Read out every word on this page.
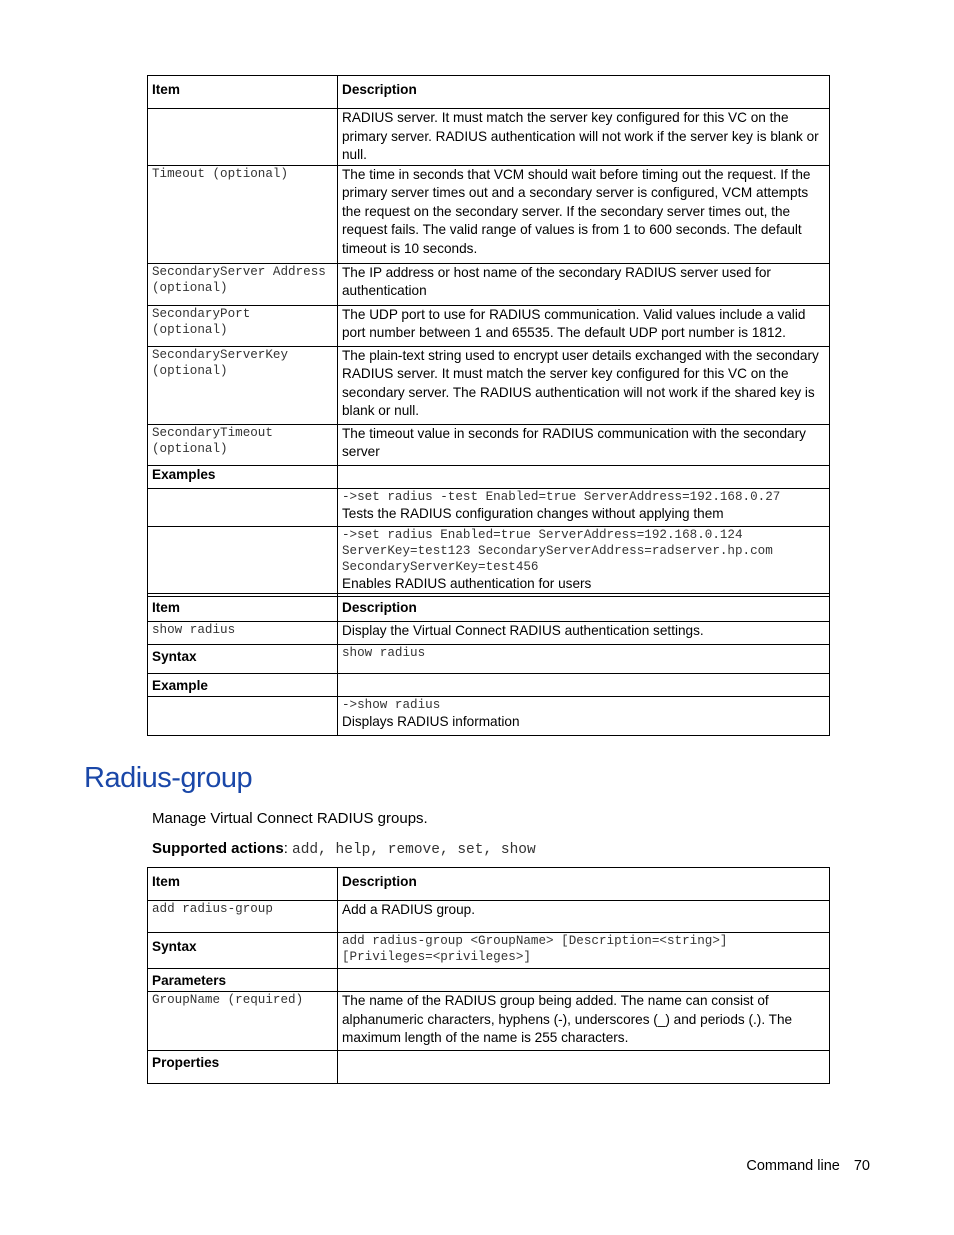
Item	Description
	RADIUS server. It must match the server key configured for this VC on the primary server. RADIUS authentication will not work if the server key is blank or null.
Timeout (optional)	The time in seconds that VCM should wait before timing out the request. If the primary server times out and a secondary server is configured, VCM attempts the request on the secondary server. If the secondary server times out, the request fails. The valid range of values is from 1 to 600 seconds. The default timeout is 10 seconds.
SecondaryServer Address (optional)	The IP address or host name of the secondary RADIUS server used for authentication
SecondaryPort (optional)	The UDP port to use for RADIUS communication. Valid values include a valid port number between 1 and 65535. The default UDP port number is 1812.
SecondaryServerKey (optional)	The plain-text string used to encrypt user details exchanged with the secondary RADIUS server. It must match the server key configured for this VC on the secondary server. The RADIUS authentication will not work if the shared key is blank or null.
SecondaryTimeout (optional)	The timeout value in seconds for RADIUS communication with the secondary server
Examples	

	->set radius -test Enabled=true ServerAddress=192.168.0.27
Tests the RADIUS configuration changes without applying them

	->set radius Enabled=true ServerAddress=192.168.0.124 ServerKey=test123 SecondaryServerAddress=radserver.hp.com SecondaryServerKey=test456
Enables RADIUS authentication for users
Item	Description
show radius	Display the Virtual Connect RADIUS authentication settings.
Syntax	show radius
Example	

	->show radius
Displays RADIUS information
Radius-group

Manage Virtual Connect RADIUS groups.

Supported actions: add, help, remove, set, show

Item	Description
add radius-group	Add a RADIUS group.
Syntax	add radius-group <GroupName> [Description=<string>] [Privileges=<privileges>]
Parameters	
GroupName (required)	The name of the RADIUS group being added. The name can consist of alphanumeric characters, hyphens (-), underscores (_) and periods (.). The maximum length of the name is 255 characters.
Properties	
Command line 70
